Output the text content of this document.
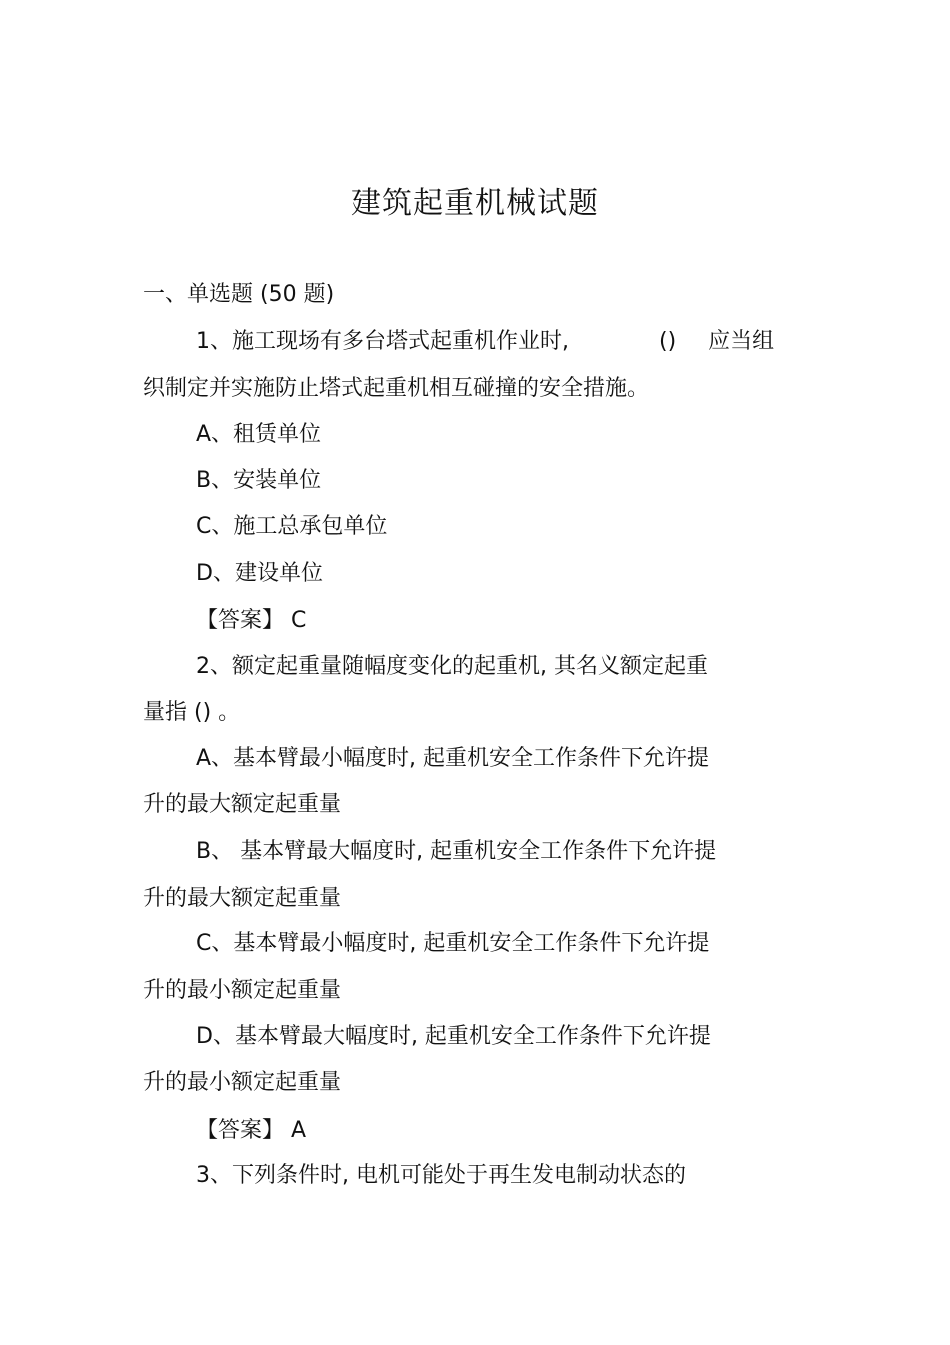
建筑起重机械试题
一、单选题 (50 题)
1、施工现场有多台塔式起重机作业时,	() 应当组
织制定并实施防止塔式起重机相互碰撞的安全措施。
A、租赁单位
B、安装单位
C、施工总承包单位
D、建设单位
【答案】 C
2、额定起重量随幅度变化的起重机, 其名义额定起重
量指 () 。
A、基本臂最小幅度时, 起重机安全工作条件下允许提
升的最大额定起重量
B、 基本臂最大幅度时, 起重机安全工作条件下允许提
升的最大额定起重量
C、基本臂最小幅度时, 起重机安全工作条件下允许提
升的最小额定起重量
D、基本臂最大幅度时, 起重机安全工作条件下允许提
升的最小额定起重量
【答案】 A
3、下列条件时, 电机可能处于再生发电制动状态的
